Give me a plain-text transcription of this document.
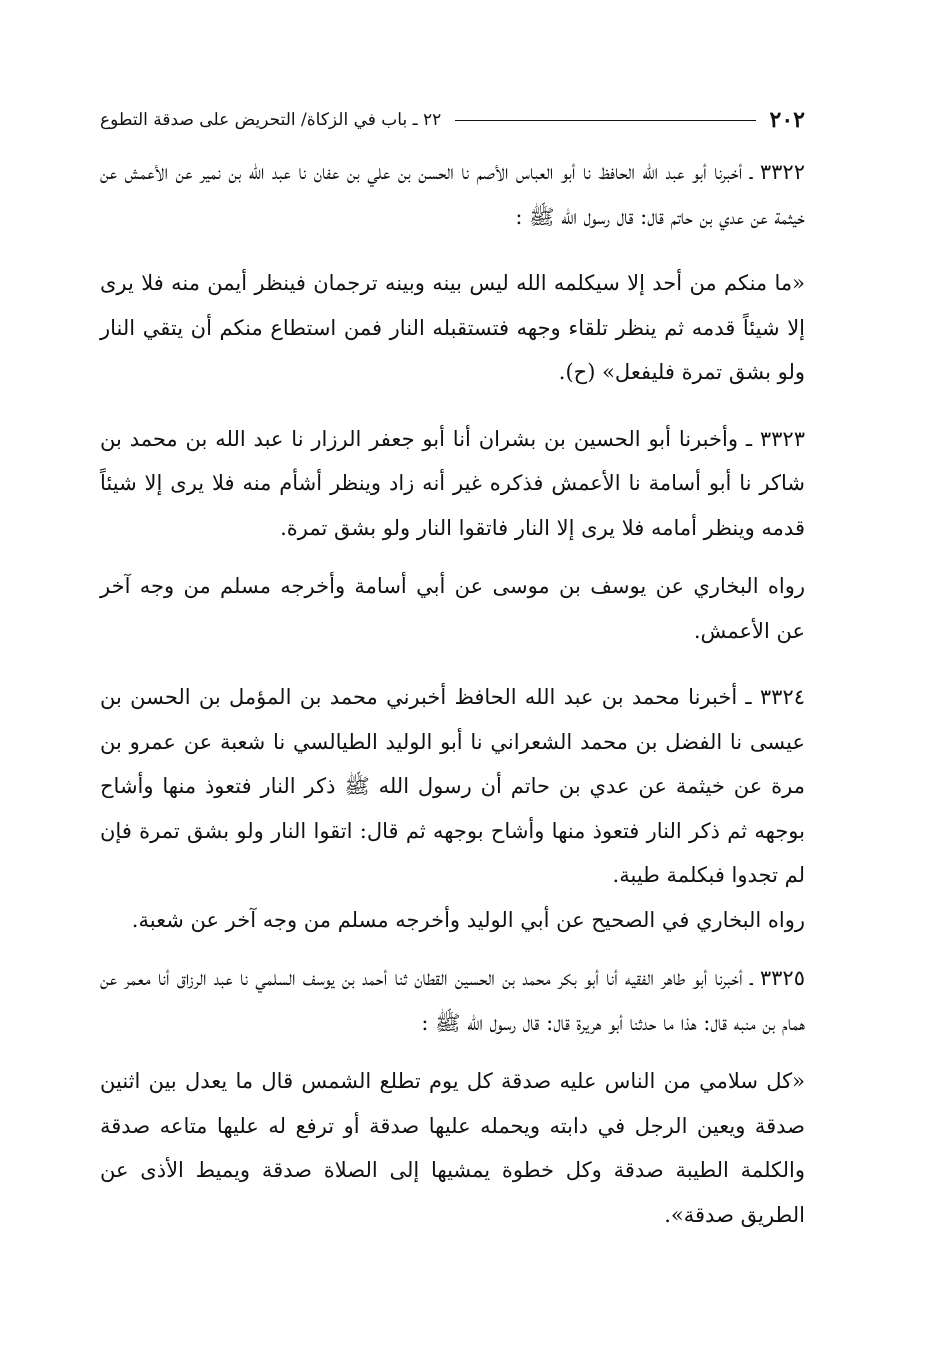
٢٠٢
٢٢ ـ باب في الزكاة/ التحريض على صدقة التطوع

٣٣٢٢ ـ أخبرنا أبو عبد الله الحافظ نا أبو العباس الأصم نا الحسن بن علي بن عفان نا عبد الله بن نمير عن الأعمش عن خيثمة عن عدي بن حاتم قال: قال رسول الله ﷺ :

«ما منكم من أحد إلا سيكلمه الله ليس بينه وبينه ترجمان فينظر أيمن منه فلا يرى إلا شيئاً قدمه ثم ينظر تلقاء وجهه فتستقبله النار فمن استطاع منكم أن يتقي النار ولو بشق تمرة فليفعل» (ح).

٣٣٢٣ ـ وأخبرنا أبو الحسين بن بشران أنا أبو جعفر الرزار نا عبد الله بن محمد بن شاكر نا أبو أسامة نا الأعمش فذكره غير أنه زاد وينظر أشأم منه فلا يرى إلا شيئاً قدمه وينظر أمامه فلا يرى إلا النار فاتقوا النار ولو بشق تمرة.

رواه البخاري عن يوسف بن موسى عن أبي أسامة وأخرجه مسلم من وجه آخر عن الأعمش.

٣٣٢٤ ـ أخبرنا محمد بن عبد الله الحافظ أخبرني محمد بن المؤمل بن الحسن بن عيسى نا الفضل بن محمد الشعراني نا أبو الوليد الطيالسي نا شعبة عن عمرو بن مرة عن خيثمة عن عدي بن حاتم أن رسول الله ﷺ ذكر النار فتعوذ منها وأشاح بوجهه ثم ذكر النار فتعوذ منها وأشاح بوجهه ثم قال: اتقوا النار ولو بشق تمرة فإن لم تجدوا فبكلمة طيبة.

رواه البخاري في الصحيح عن أبي الوليد وأخرجه مسلم من وجه آخر عن شعبة.

٣٣٢٥ ـ أخبرنا أبو طاهر الفقيه أنا أبو بكر محمد بن الحسين القطان ثنا أحمد بن يوسف السلمي نا عبد الرزاق أنا معمر عن همام بن منبه قال: هذا ما حدثنا أبو هريرة قال: قال رسول الله ﷺ :

«كل سلامي من الناس عليه صدقة كل يوم تطلع الشمس قال ما يعدل بين اثنين صدقة ويعين الرجل في دابته ويحمله عليها صدقة أو ترفع له عليها متاعه صدقة والكلمة الطيبة صدقة وكل خطوة يمشيها إلى الصلاة صدقة ويميط الأذى عن الطريق صدقة».
